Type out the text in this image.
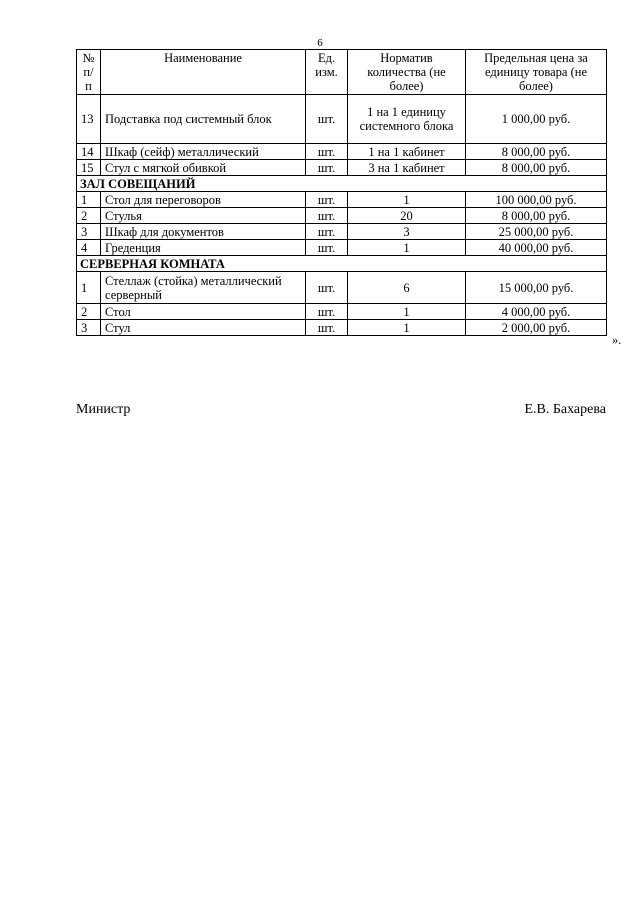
6
№ п/п	Наименование	Ед. изм.	Норматив количества (не более)	Предельная цена за единицу товара (не более)
13	Подставка под системный блок	шт.	1 на 1 единицу системного блока	1 000,00 руб.
14	Шкаф (сейф) металлический	шт.	1 на 1 кабинет	8 000,00 руб.
15	Стул с мягкой обивкой	шт.	3 на 1 кабинет	8 000,00 руб.
ЗАЛ СОВЕЩАНИЙ				
1	Стол для переговоров	шт.	1	100 000,00 руб.
2	Стулья	шт.	20	8 000,00 руб.
3	Шкаф для документов	шт.	3	25 000,00 руб.
4	Греденция	шт.	1	40 000,00 руб.
СЕРВЕРНАЯ КОМНАТА				
1	Стеллаж (стойка) металлический серверный	шт.	6	15 000,00 руб.
2	Стол	шт.	1	4 000,00 руб.
3	Стул	шт.	1	2 000,00 руб.
».
Министр	Е.В. Бахарева
